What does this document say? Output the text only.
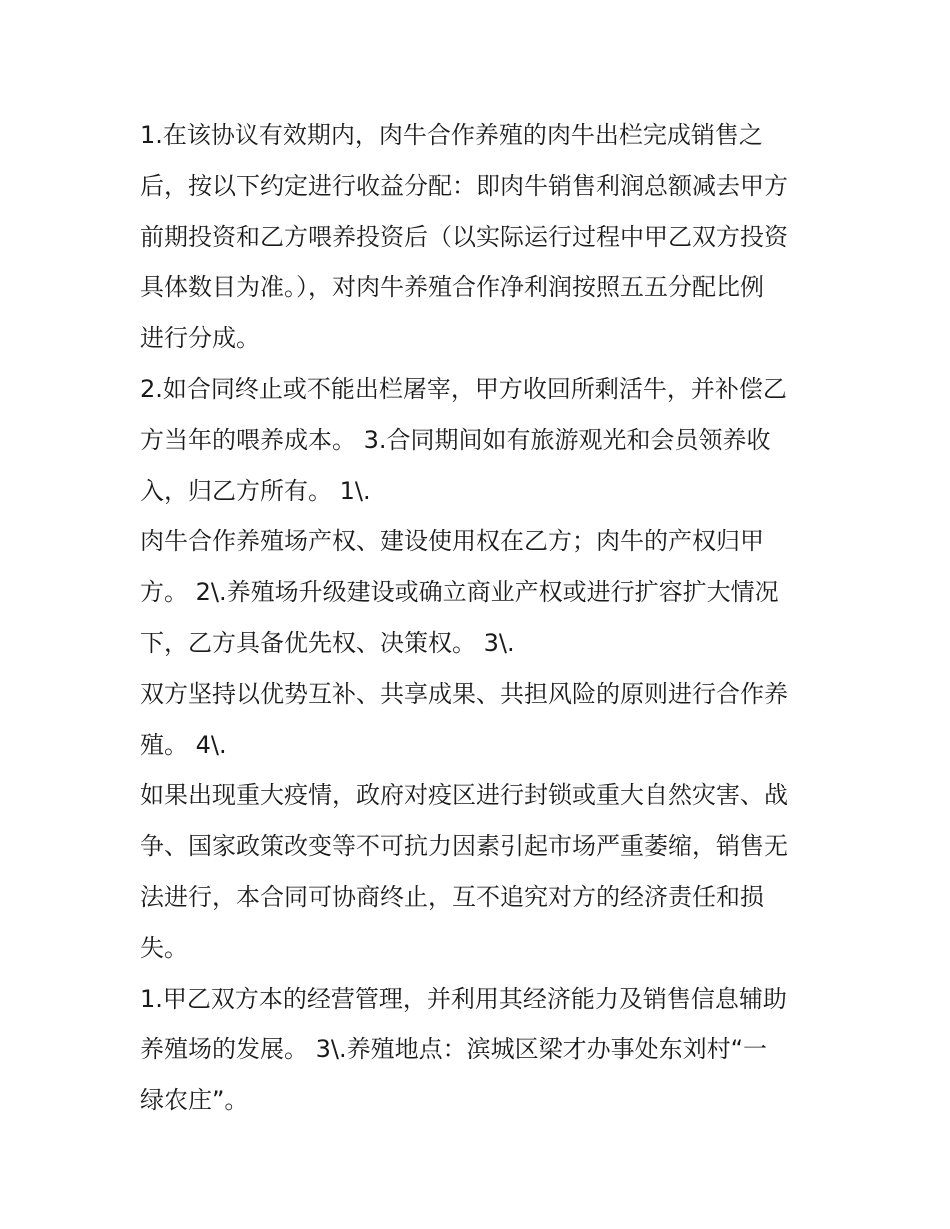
1.在该协议有效期内，肉牛合作养殖的肉牛出栏完成销售之
后，按以下约定进行收益分配：即肉牛销售利润总额减去甲方
前期投资和乙方喂养投资后（以实际运行过程中甲乙双方投资
具体数目为准。），对肉牛养殖合作净利润按照五五分配比例
进行分成。
2.如合同终止或不能出栏屠宰，甲方收回所剩活牛，并补偿乙
方当年的喂养成本。 3.合同期间如有旅游观光和会员领养收
入，归乙方所有。 1\.
肉牛合作养殖场产权、建设使用权在乙方；肉牛的产权归甲
方。 2\.养殖场升级建设或确立商业产权或进行扩容扩大情况
下，乙方具备优先权、决策权。 3\.
双方坚持以优势互补、共享成果、共担风险的原则进行合作养
殖。 4\.
如果出现重大疫情，政府对疫区进行封锁或重大自然灾害、战
争、国家政策改变等不可抗力因素引起市场严重萎缩，销售无
法进行，本合同可协商终止，互不追究对方的经济责任和损
失。
1.甲乙双方本的经营管理，并利用其经济能力及销售信息辅助
养殖场的发展。 3\.养殖地点：滨城区梁才办事处东刘村“一
绿农庄”。
